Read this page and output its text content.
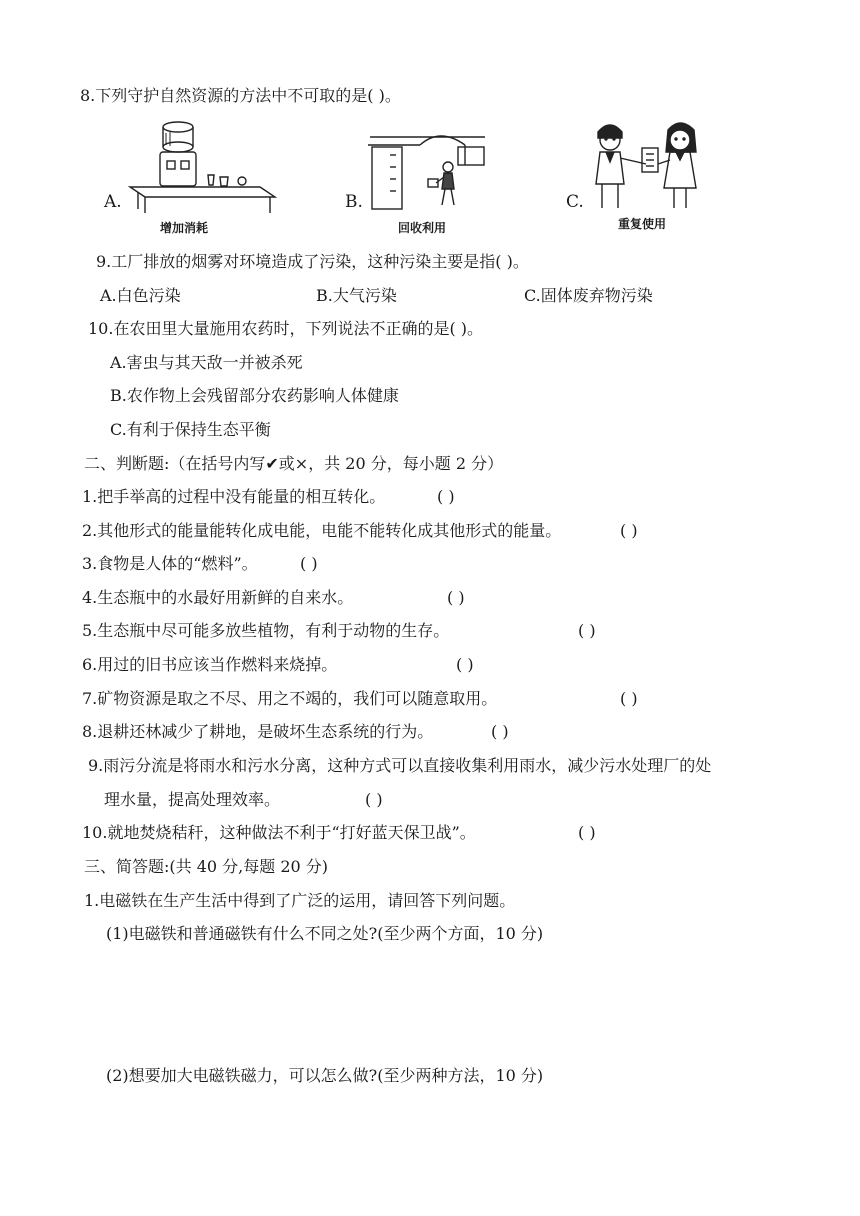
8.下列守护自然资源的方法中不可取的是( )。
A.
增加消耗
B.
回收利用
C.
重复使用
9.工厂排放的烟雾对环境造成了污染，这种污染主要是指( )。
A.白色污染	B.大气污染	C.固体废弃物污染
10.在农田里大量施用农药时，下列说法不正确的是( )。
A.害虫与其天敌一并被杀死
B.农作物上会残留部分农药影响人体健康
C.有利于保持生态平衡
二、判断题:（在括号内写✔或×，共 20 分，每小题 2 分）
1.把手举高的过程中没有能量的相互转化。	( )
2.其他形式的能量能转化成电能，电能不能转化成其他形式的能量。	( )
3.食物是人体的“燃料”。	( )
4.生态瓶中的水最好用新鲜的自来水。	( )
5.生态瓶中尽可能多放些植物，有利于动物的生存。	( )
6.用过的旧书应该当作燃料来烧掉。	( )
7.矿物资源是取之不尽、用之不竭的，我们可以随意取用。	( )
8.退耕还林减少了耕地，是破坏生态系统的行为。	( )
9.雨污分流是将雨水和污水分离，这种方式可以直接收集利用雨水，减少污水处理厂的处
理水量，提高处理效率。	( )
10.就地焚烧秸秆，这种做法不利于“打好蓝天保卫战”。	( )
三、简答题:(共 40 分,每题 20 分)
1.电磁铁在生产生活中得到了广泛的运用，请回答下列问题。
(1)电磁铁和普通磁铁有什么不同之处?(至少两个方面，10 分)
(2)想要加大电磁铁磁力，可以怎么做?(至少两种方法，10 分)
